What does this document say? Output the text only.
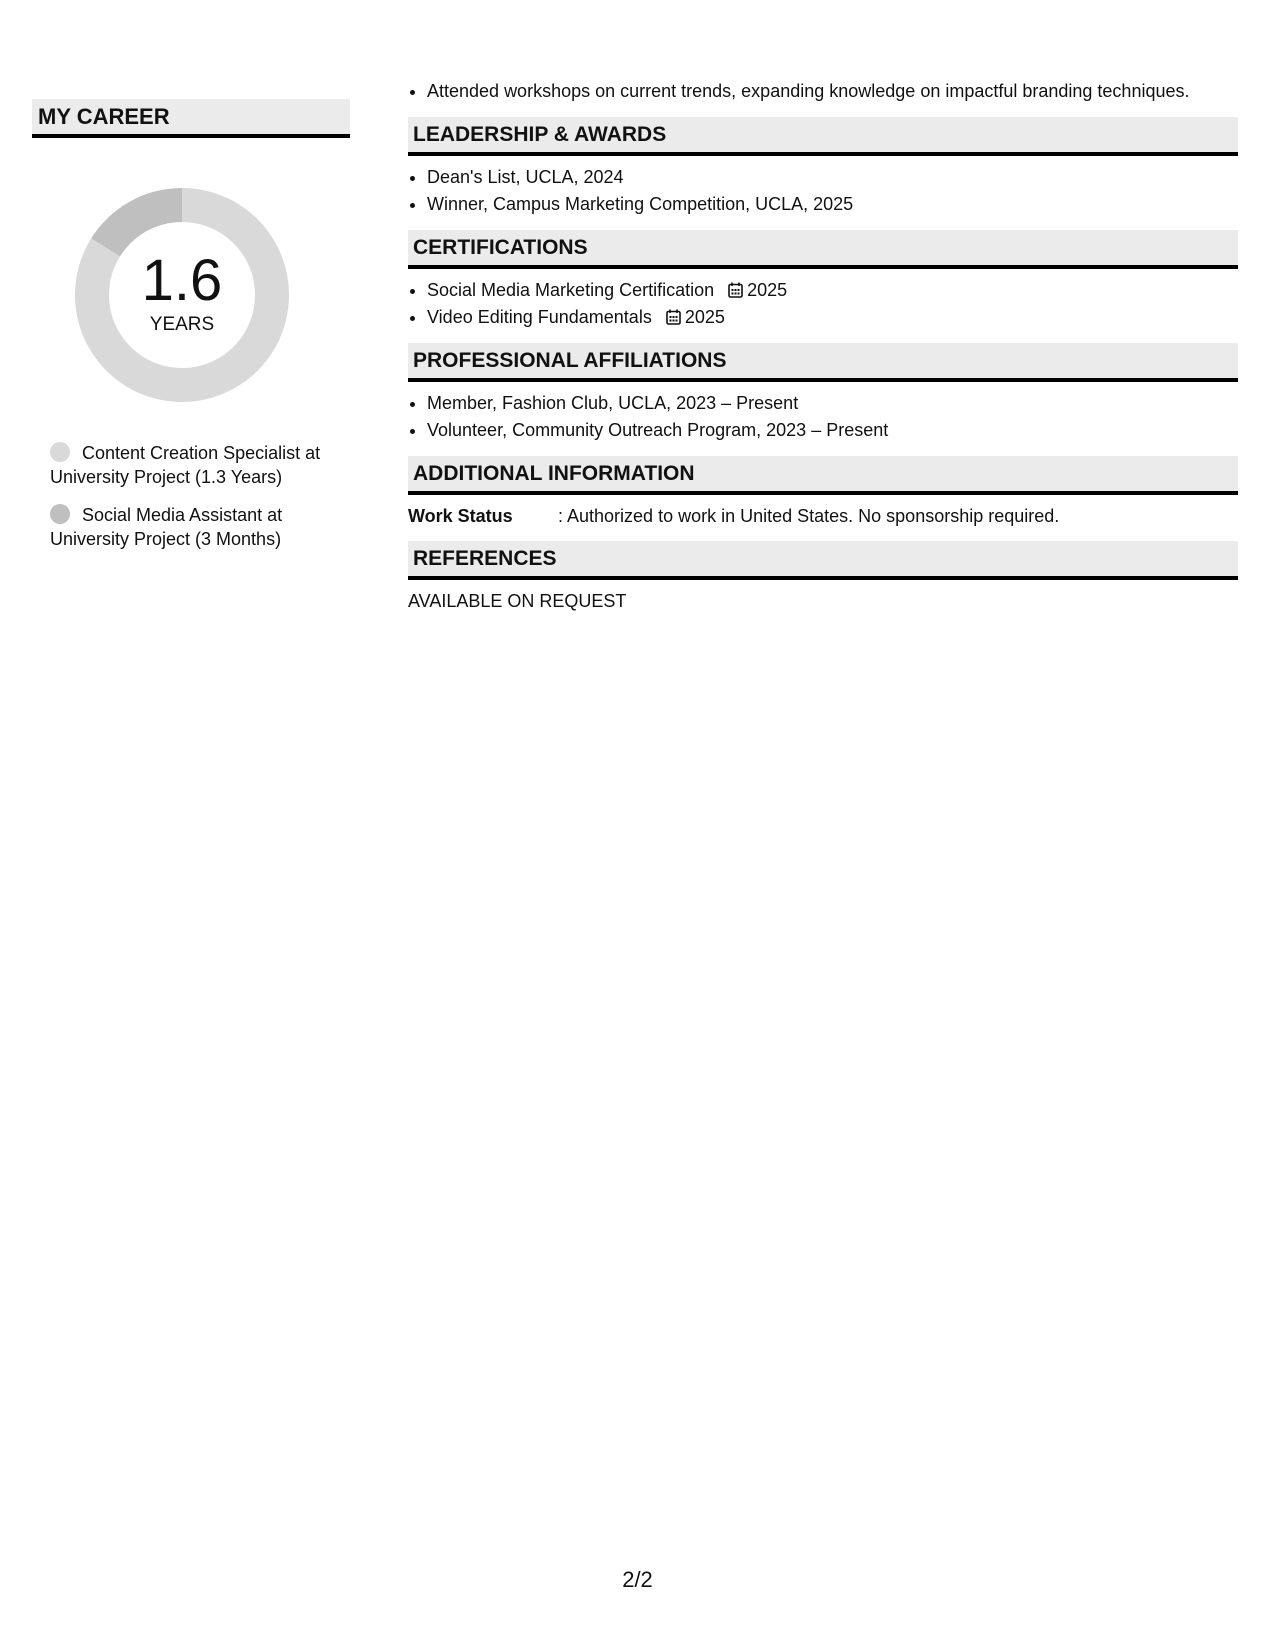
MY CAREER
1.6
YEARS
Content Creation Specialist at University Project (1.3 Years)
Social Media Assistant at University Project (3 Months)
• Attended workshops on current trends, expanding knowledge on impactful branding techniques.
LEADERSHIP & AWARDS
• Dean's List, UCLA, 2024
• Winner, Campus Marketing Competition, UCLA, 2025
CERTIFICATIONS
• Social Media Marketing Certification 2025
• Video Editing Fundamentals 2025
PROFESSIONAL AFFILIATIONS
• Member, Fashion Club, UCLA, 2023 – Present
• Volunteer, Community Outreach Program, 2023 – Present
ADDITIONAL INFORMATION
Work Status	: Authorized to work in United States. No sponsorship required.
REFERENCES
AVAILABLE ON REQUEST
2/2
